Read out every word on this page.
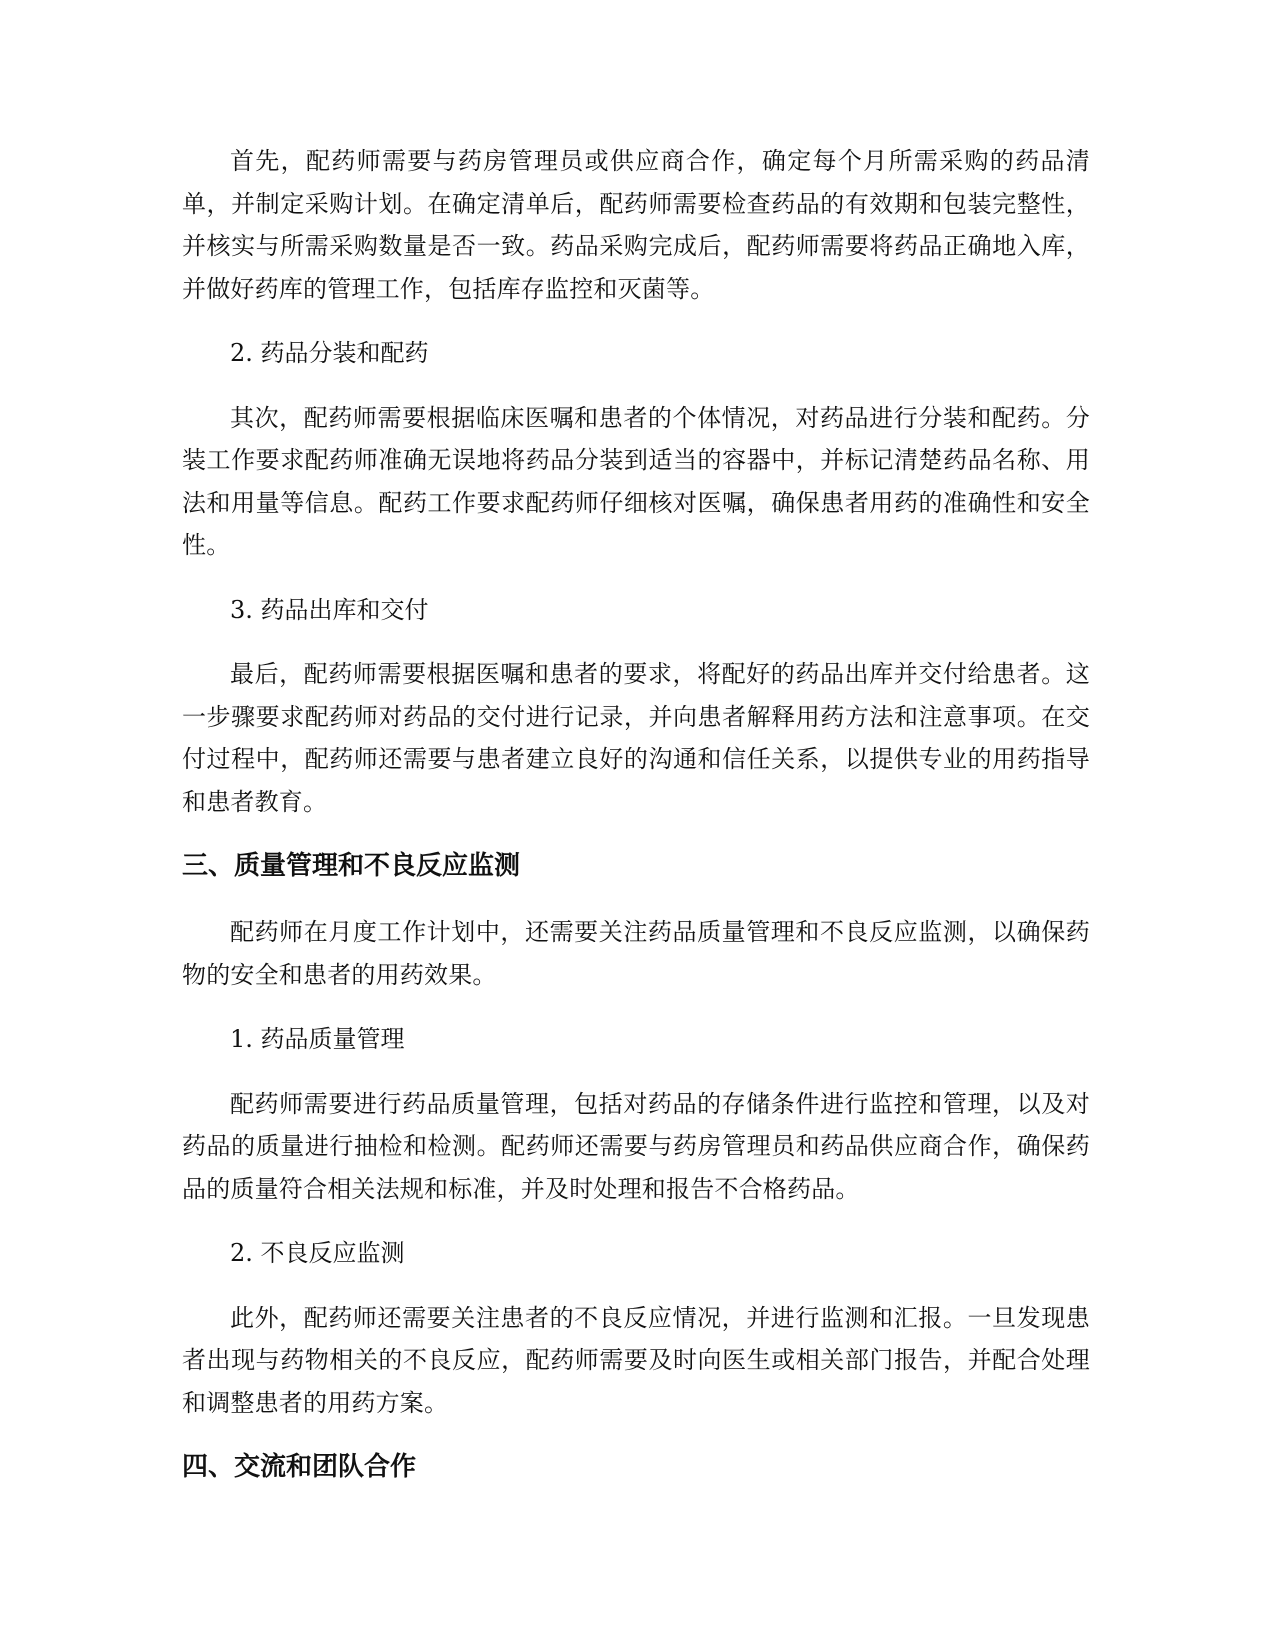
首先，配药师需要与药房管理员或供应商合作，确定每个月所需采购的药品清单，并制定采购计划。在确定清单后，配药师需要检查药品的有效期和包装完整性，并核实与所需采购数量是否一致。药品采购完成后，配药师需要将药品正确地入库，并做好药库的管理工作，包括库存监控和灭菌等。

2. 药品分装和配药

其次，配药师需要根据临床医嘱和患者的个体情况，对药品进行分装和配药。分装工作要求配药师准确无误地将药品分装到适当的容器中，并标记清楚药品名称、用法和用量等信息。配药工作要求配药师仔细核对医嘱，确保患者用药的准确性和安全性。

3. 药品出库和交付

最后，配药师需要根据医嘱和患者的要求，将配好的药品出库并交付给患者。这一步骤要求配药师对药品的交付进行记录，并向患者解释用药方法和注意事项。在交付过程中，配药师还需要与患者建立良好的沟通和信任关系，以提供专业的用药指导和患者教育。

三、质量管理和不良反应监测

配药师在月度工作计划中，还需要关注药品质量管理和不良反应监测，以确保药物的安全和患者的用药效果。

1. 药品质量管理

配药师需要进行药品质量管理，包括对药品的存储条件进行监控和管理，以及对药品的质量进行抽检和检测。配药师还需要与药房管理员和药品供应商合作，确保药品的质量符合相关法规和标准，并及时处理和报告不合格药品。

2. 不良反应监测

此外，配药师还需要关注患者的不良反应情况，并进行监测和汇报。一旦发现患者出现与药物相关的不良反应，配药师需要及时向医生或相关部门报告，并配合处理和调整患者的用药方案。

四、交流和团队合作
